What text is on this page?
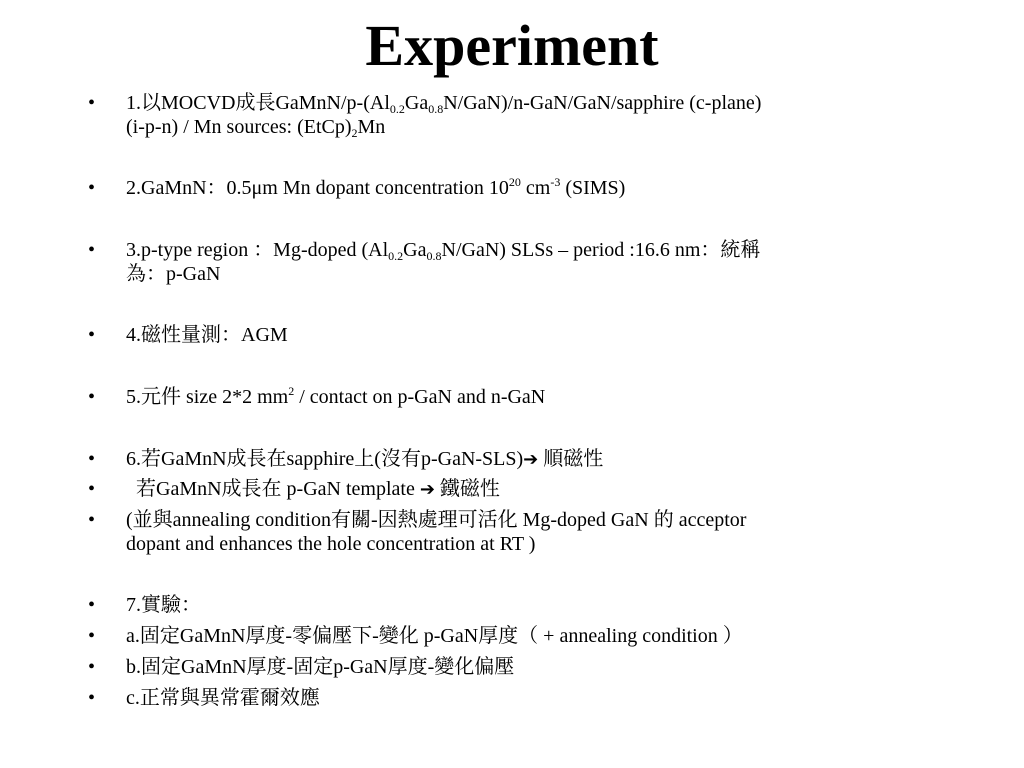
Experiment
• 1.以MOCVD成長GaMnN/$p-(Al_{0.2}Ga_{0.8}N/GaN)/n-GaN/GaN$/sapphire (c-plane)
(i-p-n) / Mn sources: $(EtCp)_2Mn$
• 2.GaMnN：0.5μm Mn dopant concentration $10^{20}$ $cm^{-3}$ (SIMS)
• 3.p-type region ：Mg-doped $(Al_{0.2}Ga_{0.8}N/GaN)$ SLSs – period :16.6 nm：統稱
為：p-GaN
• 4.磁性量測：AGM
• 5.元件 size 2*2 $mm^2$ / contact on p-GaN and n-GaN
• 6.若GaMnN成長在sapphire上(沒有p-GaN-SLS)➔ 順磁性
• 若GaMnN成長在 p-GaN template ➔ 鐵磁性
• (並與annealing condition有關-因熱處理可活化 Mg-doped GaN 的 acceptor
dopant and enhances the hole concentration at RT )
• 7.實驗：
• a.固定GaMnN厚度-零偏壓下-變化 p-GaN厚度（ + annealing condition ）
• b.固定GaMnN厚度-固定p-GaN厚度-變化偏壓
• c.正常與異常霍爾效應
